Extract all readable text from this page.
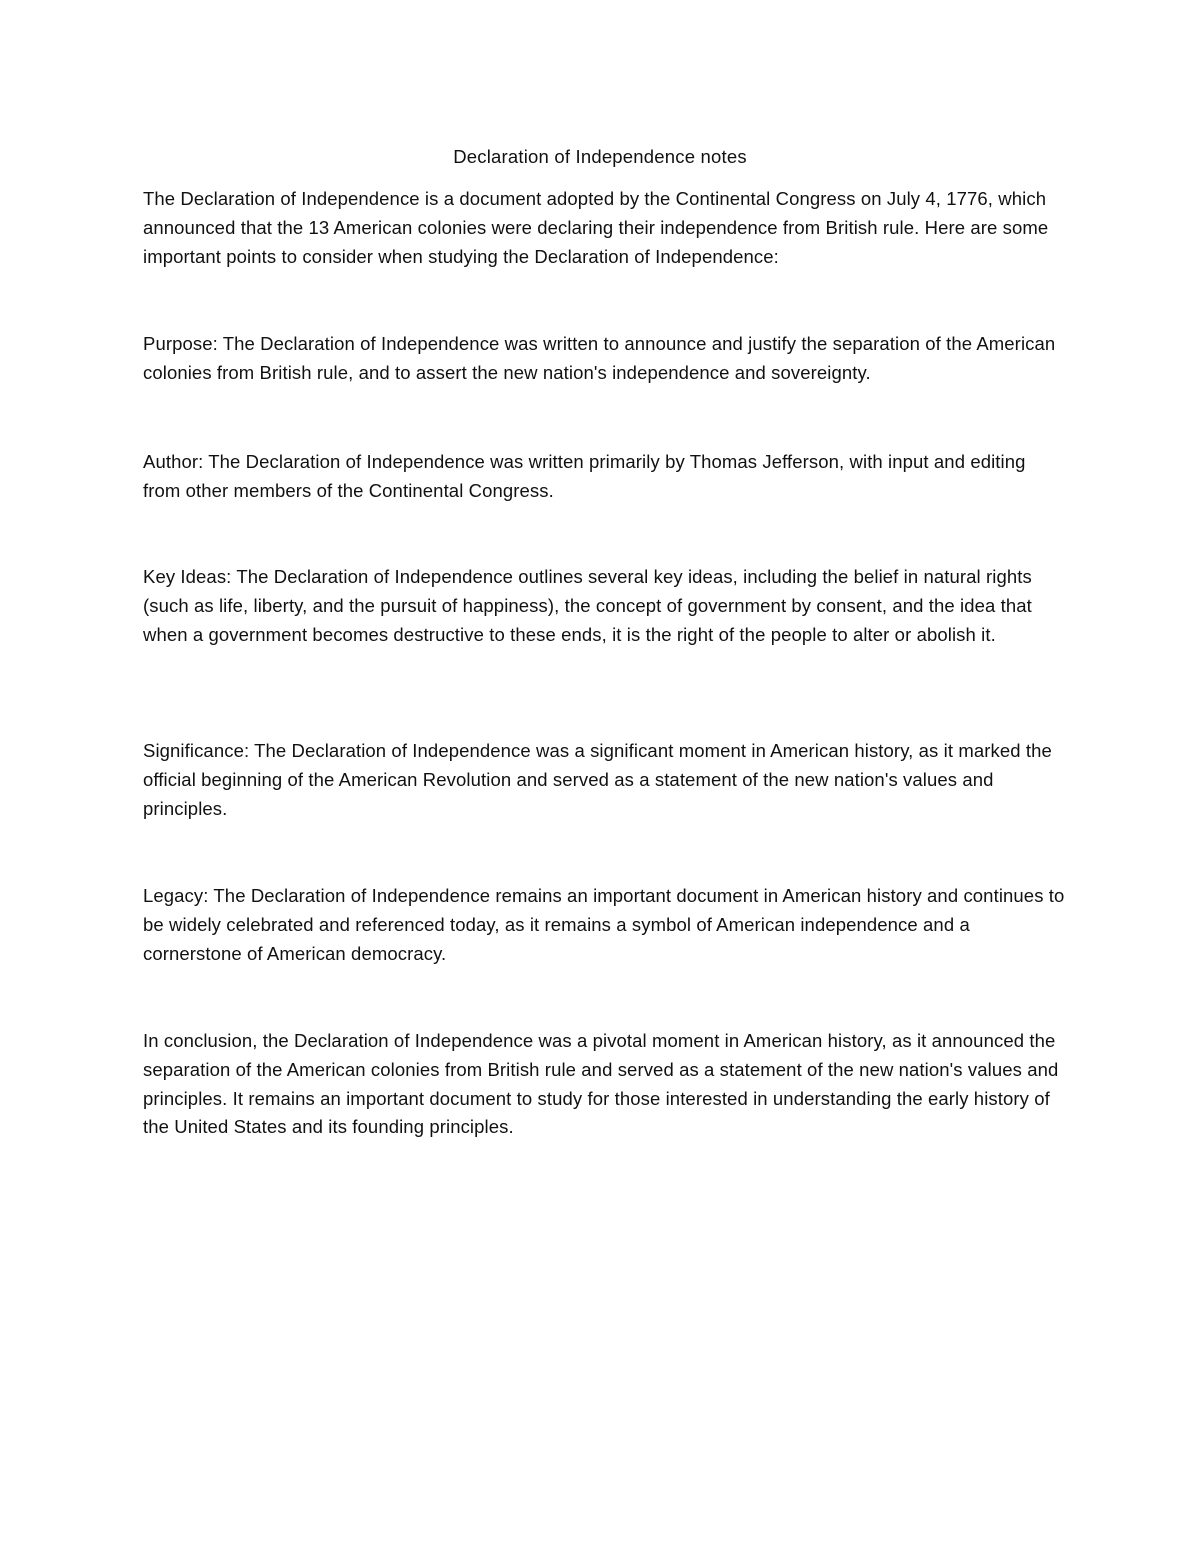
Declaration of Independence notes

The Declaration of Independence is a document adopted by the Continental Congress on July 4, 1776, which announced that the 13 American colonies were declaring their independence from British rule. Here are some important points to consider when studying the Declaration of Independence:

Purpose: The Declaration of Independence was written to announce and justify the separation of the American colonies from British rule, and to assert the new nation's independence and sovereignty.

Author: The Declaration of Independence was written primarily by Thomas Jefferson, with input and editing from other members of the Continental Congress.

Key Ideas: The Declaration of Independence outlines several key ideas, including the belief in natural rights (such as life, liberty, and the pursuit of happiness), the concept of government by consent, and the idea that when a government becomes destructive to these ends, it is the right of the people to alter or abolish it.

Significance: The Declaration of Independence was a significant moment in American history, as it marked the official beginning of the American Revolution and served as a statement of the new nation's values and principles.

Legacy: The Declaration of Independence remains an important document in American history and continues to be widely celebrated and referenced today, as it remains a symbol of American independence and a cornerstone of American democracy.

In conclusion, the Declaration of Independence was a pivotal moment in American history, as it announced the separation of the American colonies from British rule and served as a statement of the new nation's values and principles. It remains an important document to study for those interested in understanding the early history of the United States and its founding principles.
